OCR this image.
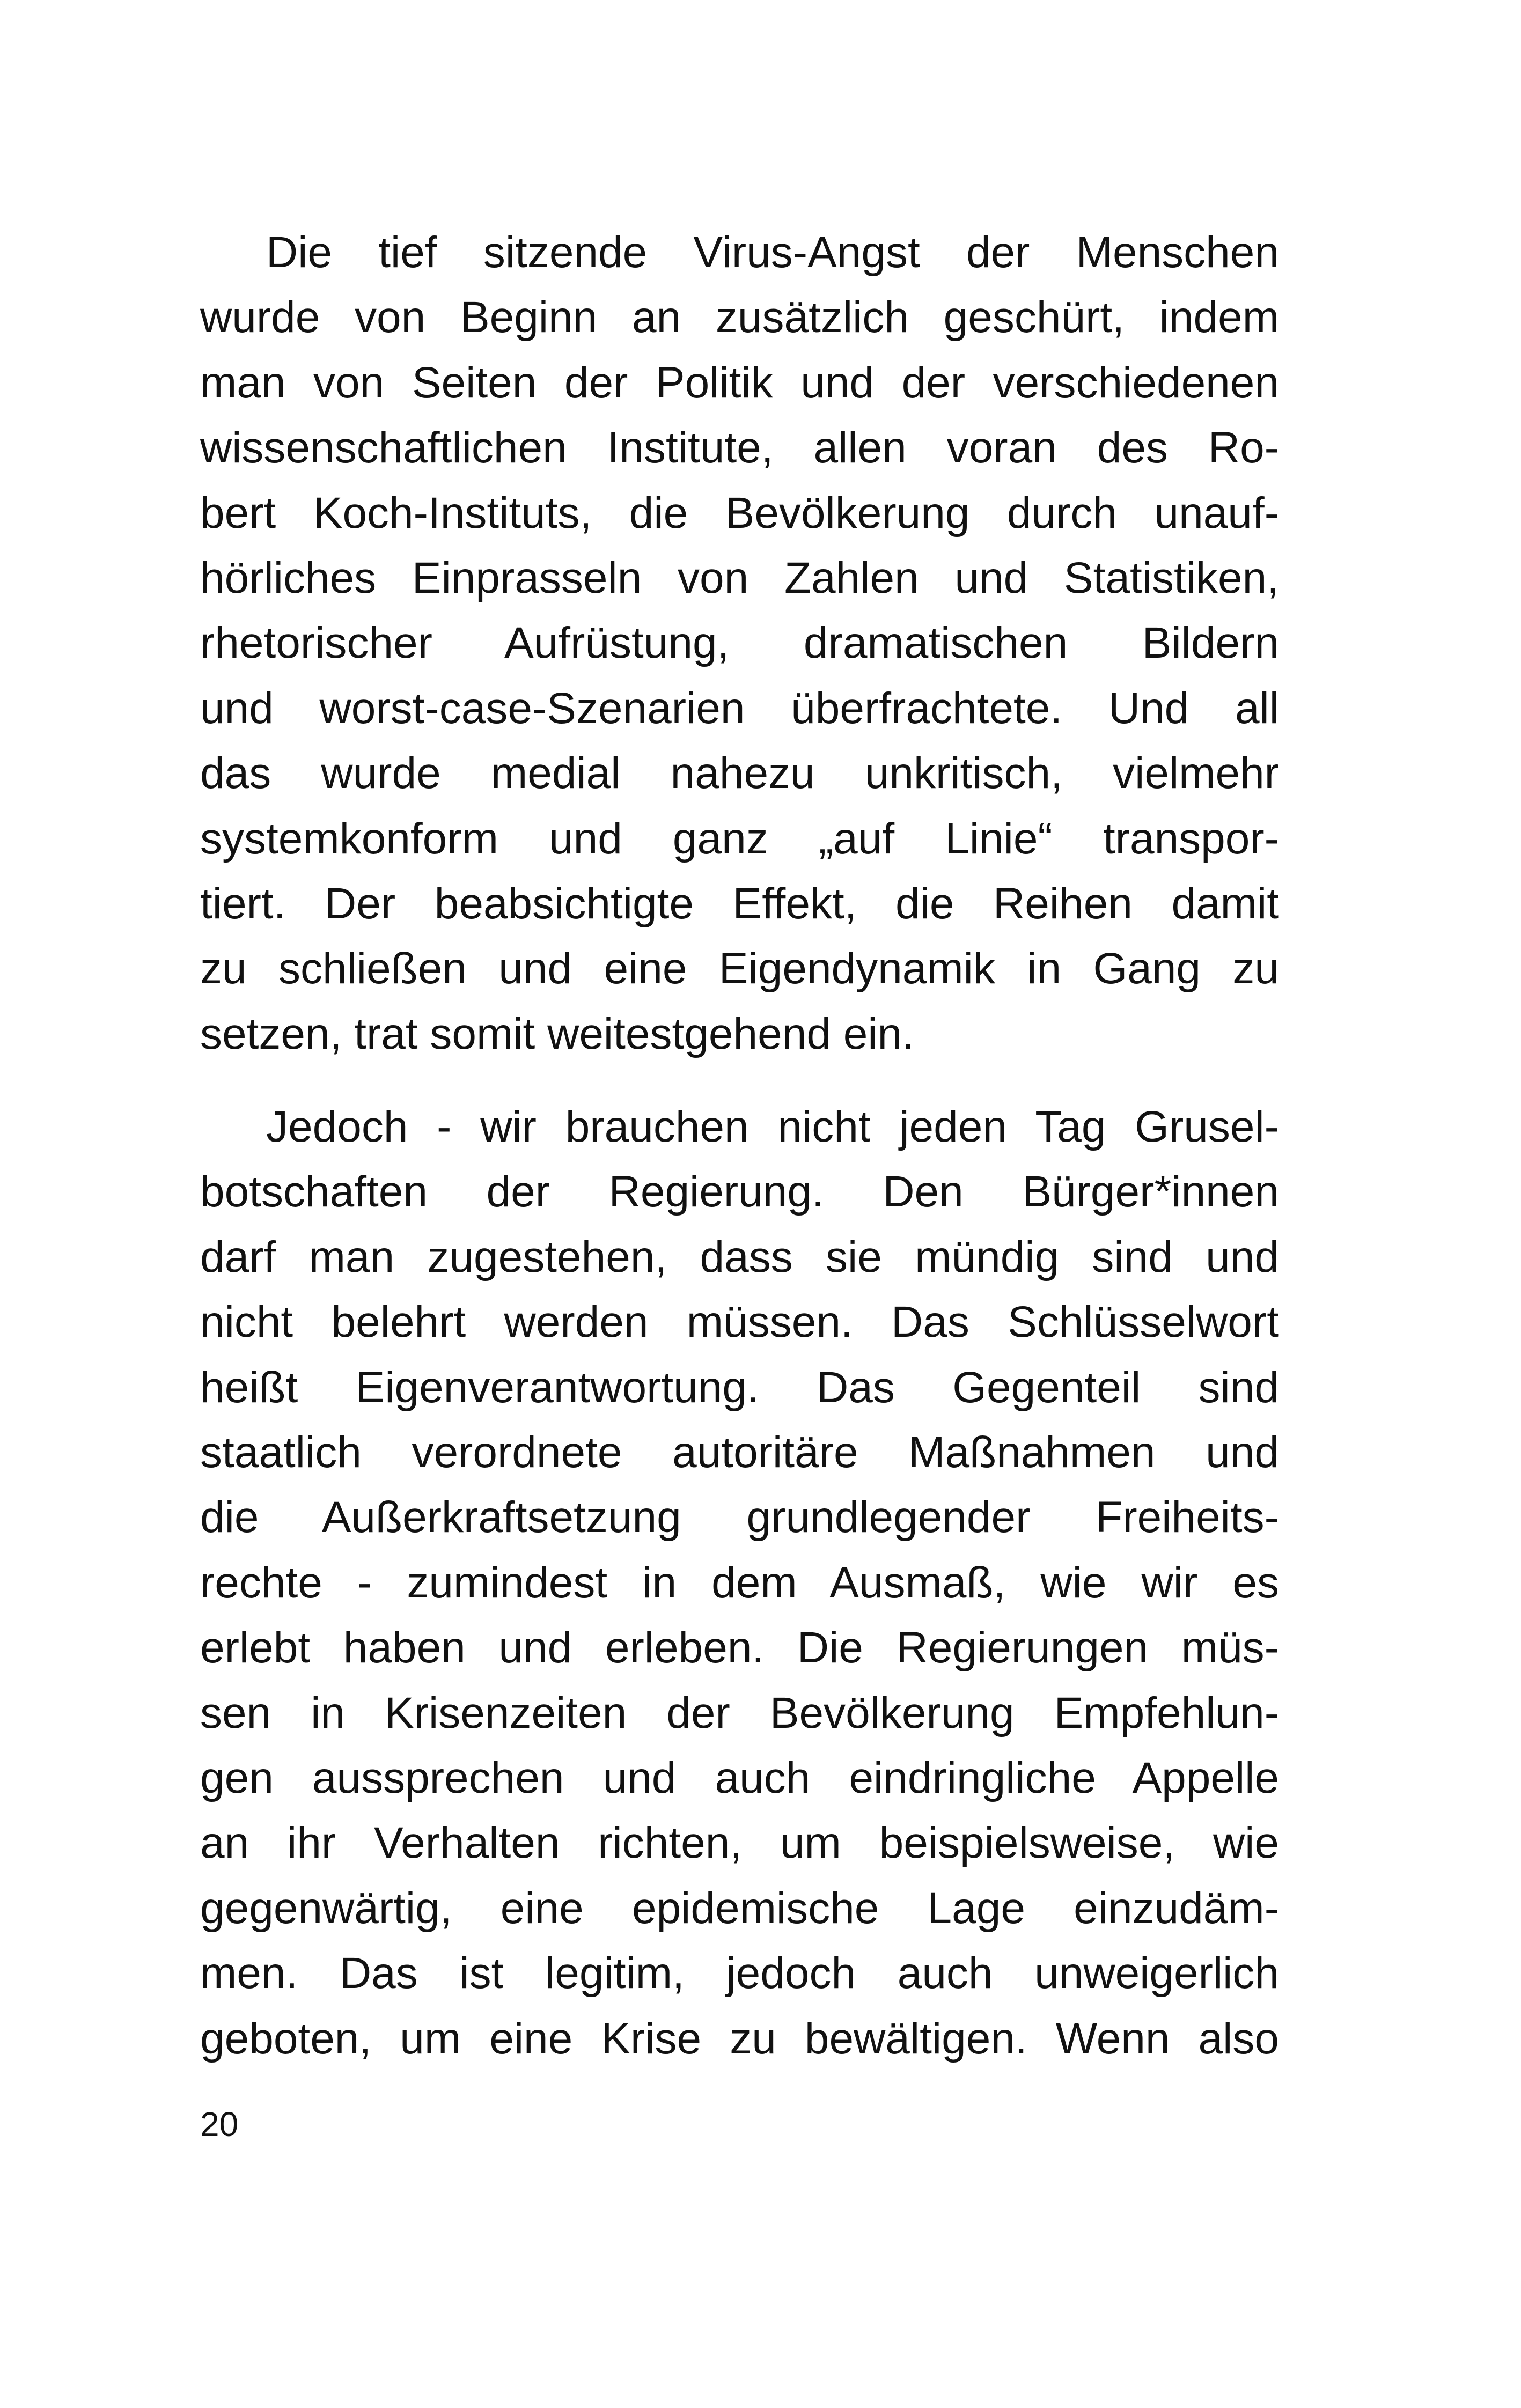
Die tief sitzende Virus-Angst der Menschen
wurde von Beginn an zusätzlich geschürt, indem
man von Seiten der Politik und der verschiedenen
wissenschaftlichen Institute, allen voran des Ro-
bert Koch-Instituts, die Bevölkerung durch unauf-
hörliches Einprasseln von Zahlen und Statistiken,
rhetorischer Aufrüstung, dramatischen Bildern
und worst-case-Szenarien überfrachtete. Und all
das wurde medial nahezu unkritisch, vielmehr
systemkonform und ganz „auf Linie“ transpor-
tiert. Der beabsichtigte Effekt, die Reihen damit
zu schließen und eine Eigendynamik in Gang zu
setzen, trat somit weitestgehend ein.
Jedoch - wir brauchen nicht jeden Tag Grusel-
botschaften der Regierung. Den Bürger*innen
darf man zugestehen, dass sie mündig sind und
nicht belehrt werden müssen. Das Schlüsselwort
heißt Eigenverantwortung. Das Gegenteil sind
staatlich verordnete autoritäre Maßnahmen und
die Außerkraftsetzung grundlegender Freiheits-
rechte - zumindest in dem Ausmaß, wie wir es
erlebt haben und erleben. Die Regierungen müs-
sen in Krisenzeiten der Bevölkerung Empfehlun-
gen aussprechen und auch eindringliche Appelle
an ihr Verhalten richten, um beispielsweise, wie
gegenwärtig, eine epidemische Lage einzudäm-
men. Das ist legitim, jedoch auch unweigerlich
geboten, um eine Krise zu bewältigen. Wenn also
20
